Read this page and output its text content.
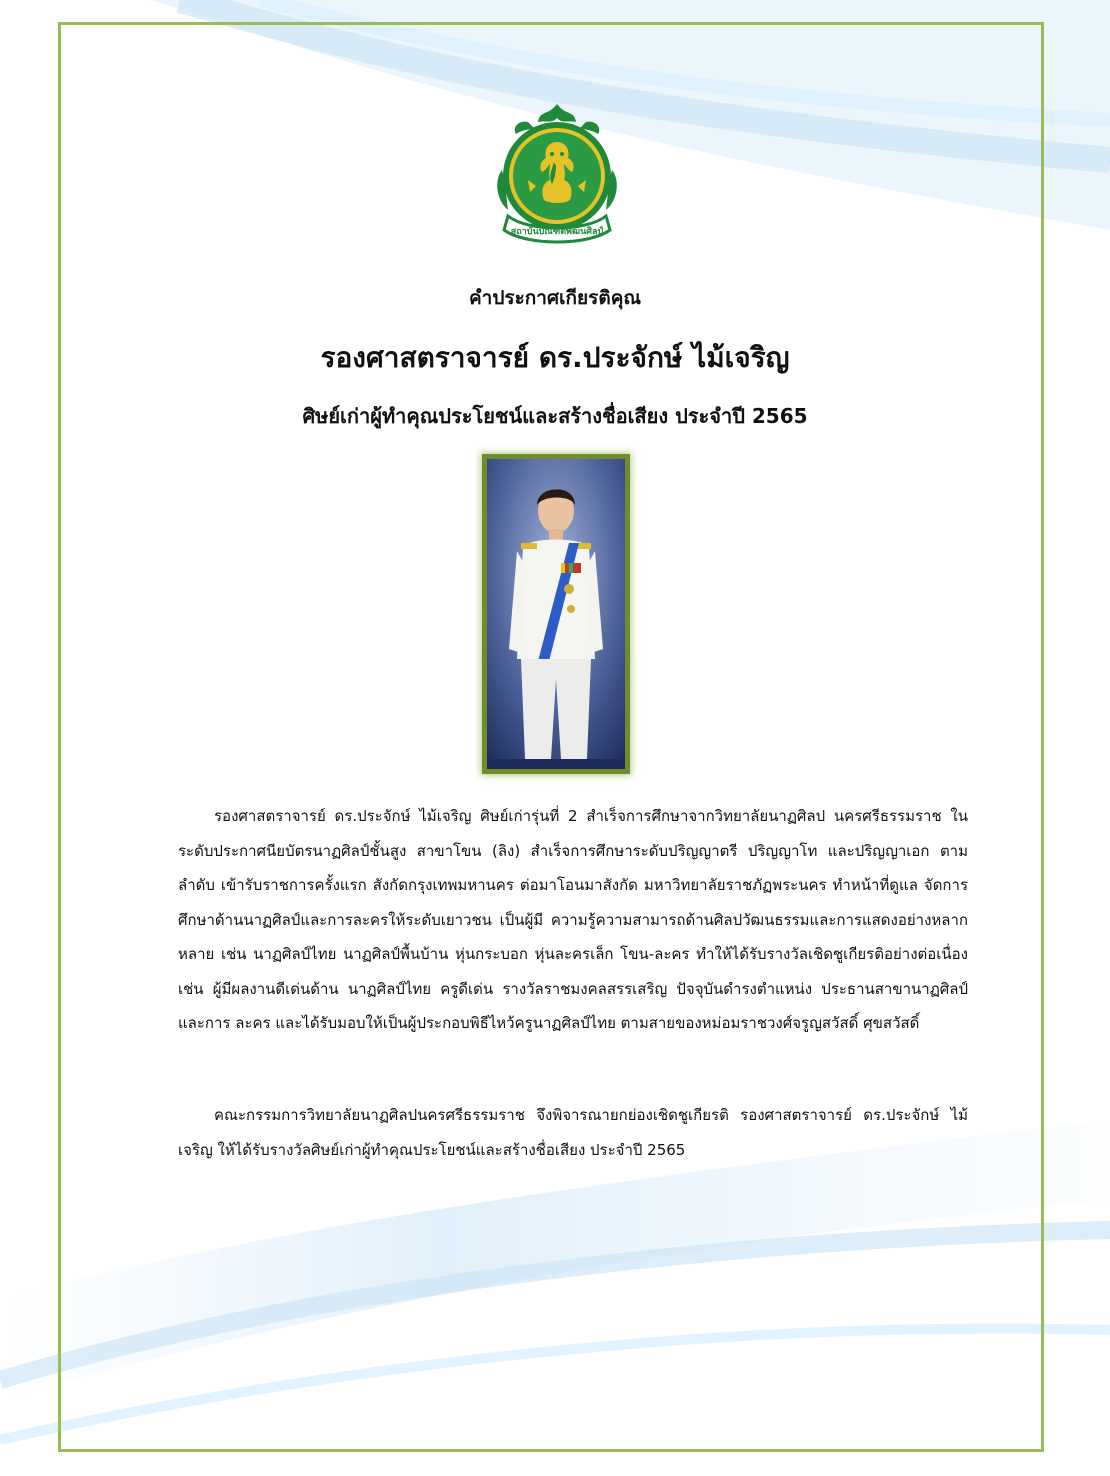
สถาบันบัณฑิตพัฒนศิลป์
คำประกาศเกียรติคุณ
รองศาสตราจารย์ ดร.ประจักษ์ ไม้เจริญ
ศิษย์เก่าผู้ทำคุณประโยชน์และสร้างชื่อเสียง ประจำปี 2565

รองศาสตราจารย์ ดร.ประจักษ์ ไม้เจริญ ศิษย์เก่ารุ่นที่ 2 สำเร็จการศึกษาจากวิทยาลัยนาฏศิลป นครศรีธรรมราช ในระดับประกาศนียบัตรนาฏศิลป์ชั้นสูง สาขาโขน (ลิง) สำเร็จการศึกษาระดับปริญญาตรี ปริญญาโท และปริญญาเอก ตามลำดับ เข้ารับราชการครั้งแรก สังกัดกรุงเทพมหานคร ต่อมาโอนมาสังกัด มหาวิทยาลัยราชภัฏพระนคร ทำหน้าที่ดูแล จัดการศึกษาด้านนาฏศิลป์และการละครให้ระดับเยาวชน เป็นผู้มี ความรู้ความสามารถด้านศิลปวัฒนธรรมและการแสดงอย่างหลากหลาย เช่น นาฏศิลป์ไทย นาฏศิลป์พื้นบ้าน หุ่นกระบอก หุ่นละครเล็ก โขน-ละคร ทำให้ได้รับรางวัลเชิดชูเกียรติอย่างต่อเนื่อง เช่น ผู้มีผลงานดีเด่นด้าน นาฏศิลป์ไทย ครูดีเด่น รางวัลราชมงคลสรรเสริญ ปัจจุบันดำรงตำแหน่ง ประธานสาขานาฏศิลป์และการ ละคร และได้รับมอบให้เป็นผู้ประกอบพิธีไหว้ครูนาฏศิลป์ไทย ตามสายของหม่อมราชวงศ์จรูญสวัสดิ์ ศุขสวัสดิ์

คณะกรรมการวิทยาลัยนาฏศิลปนครศรีธรรมราช จึงพิจารณายกย่องเชิดชูเกียรติ รองศาสตราจารย์ ดร.ประจักษ์ ไม้เจริญ ให้ได้รับรางวัลศิษย์เก่าผู้ทำคุณประโยชน์และสร้างชื่อเสียง ประจำปี 2565
